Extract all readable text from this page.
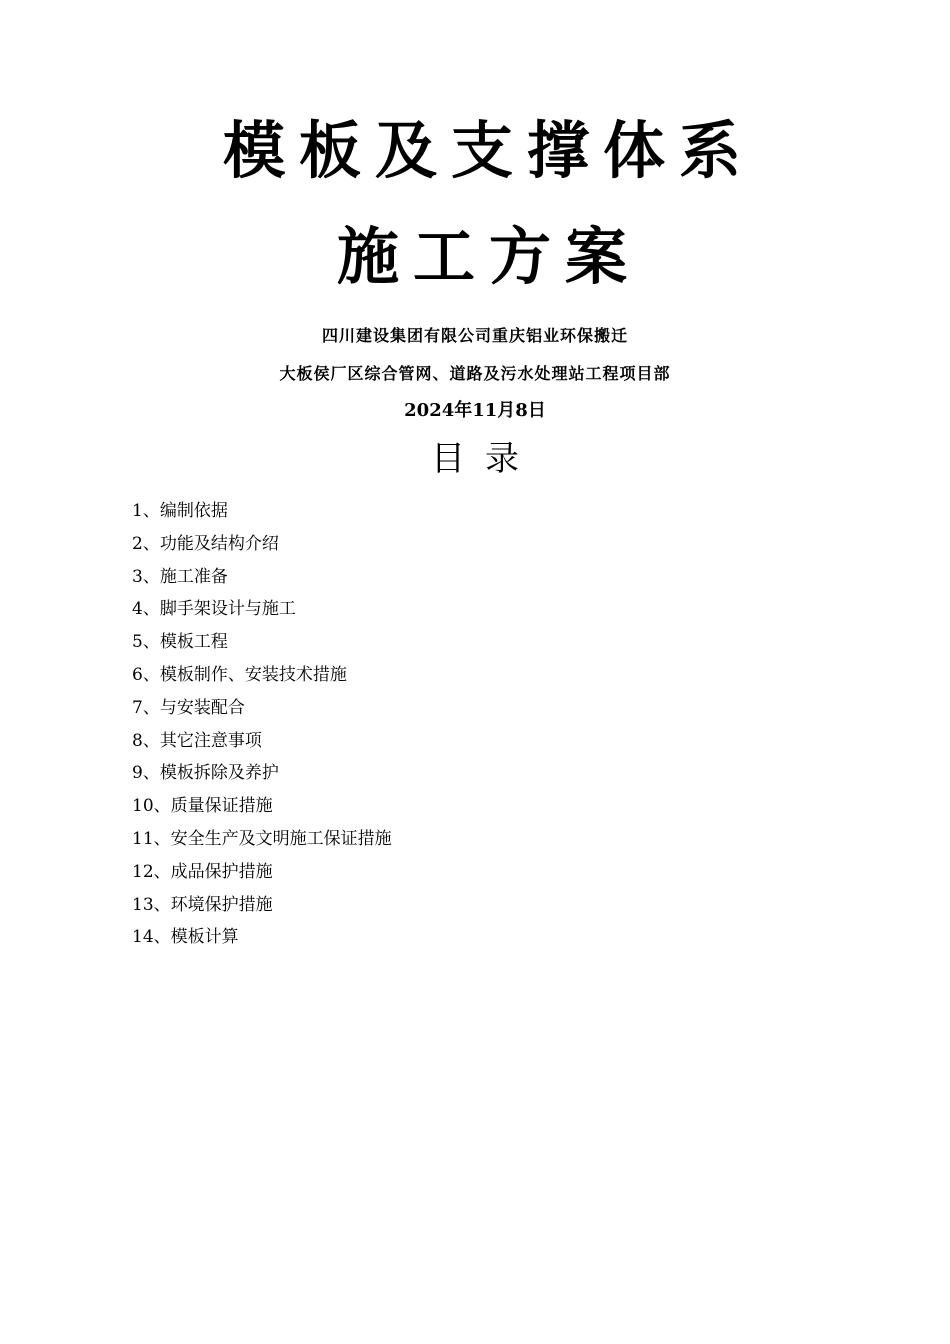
模板及支撑体系
施工方案
四川建设集团有限公司重庆铝业环保搬迁
大板侯厂区综合管网、道路及污水处理站工程项目部
2024年11月8日
目录
1、编制依据
2、功能及结构介绍
3、施工准备
4、脚手架设计与施工
5、模板工程
6、模板制作、安装技术措施
7、与安装配合
8、其它注意事项
9、模板拆除及养护
10、质量保证措施
11、安全生产及文明施工保证措施
12、成品保护措施
13、环境保护措施
14、模板计算
